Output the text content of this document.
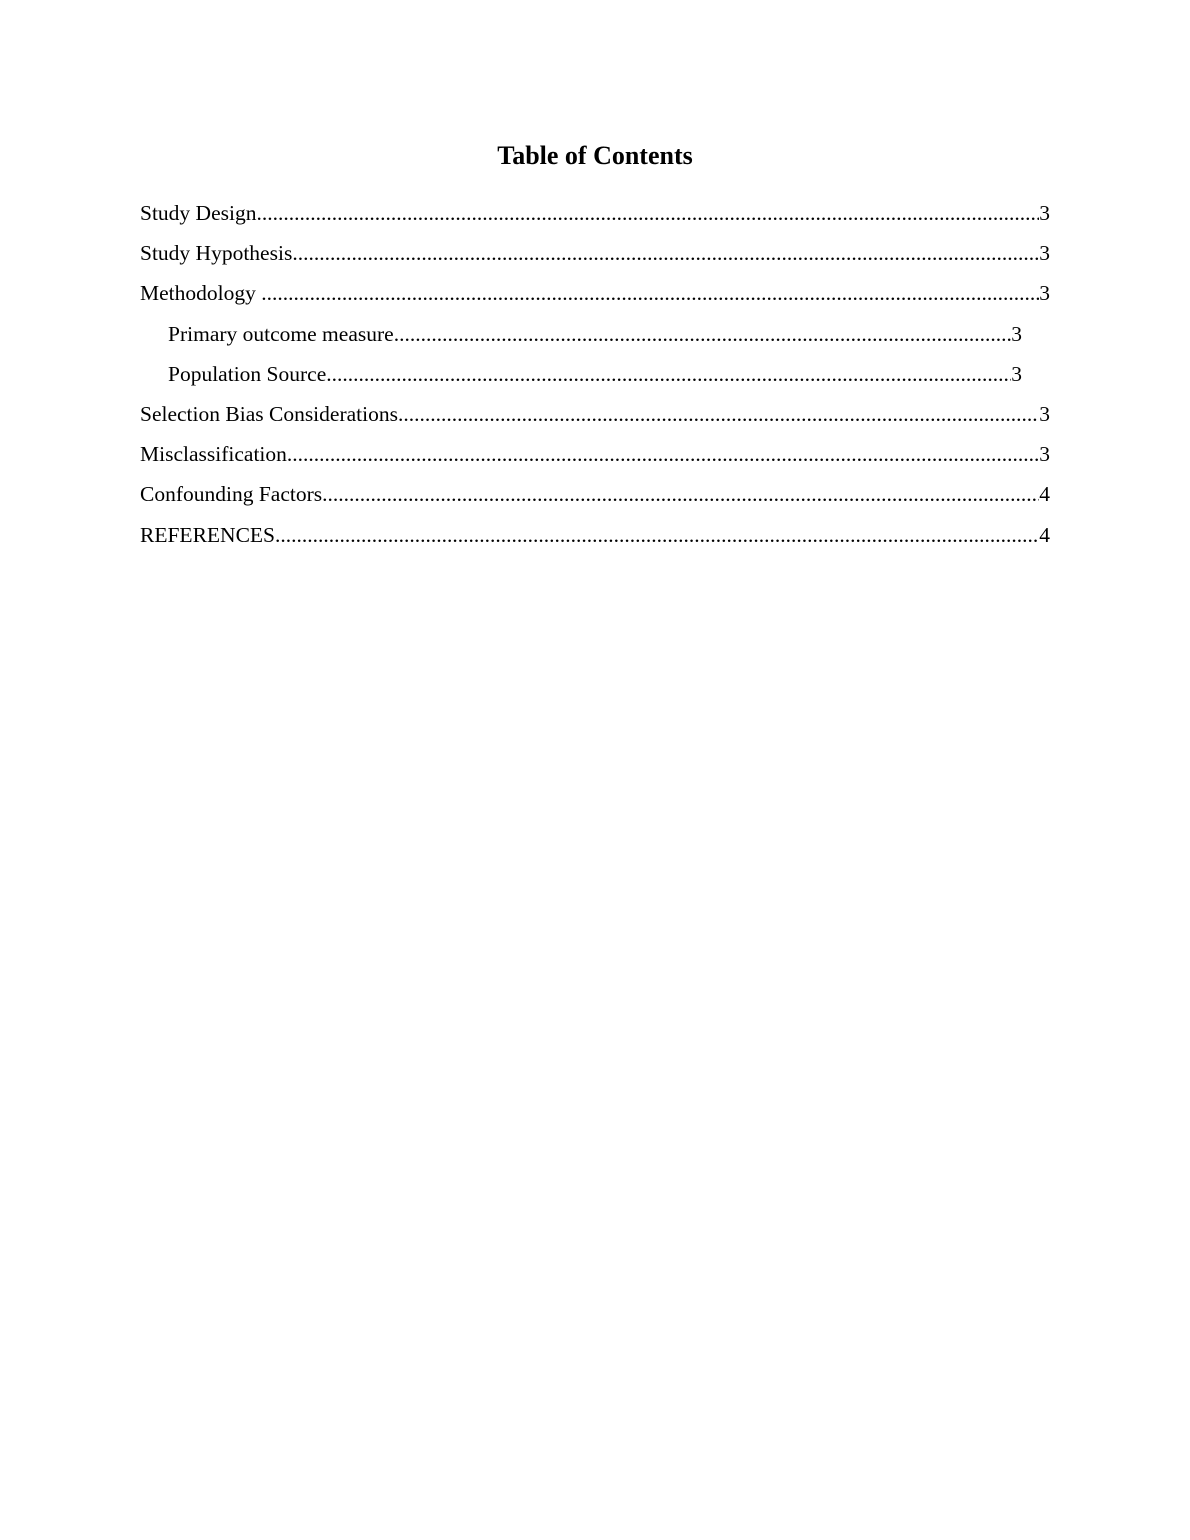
Table of Contents
Study Design .....	3
Study Hypothesis .....	3
Methodology .....	3
Primary outcome measure .....	3
Population Source .....	3
Selection Bias Considerations .....	3
Misclassification .....	3
Confounding Factors .....	4
REFERENCES .....	4
